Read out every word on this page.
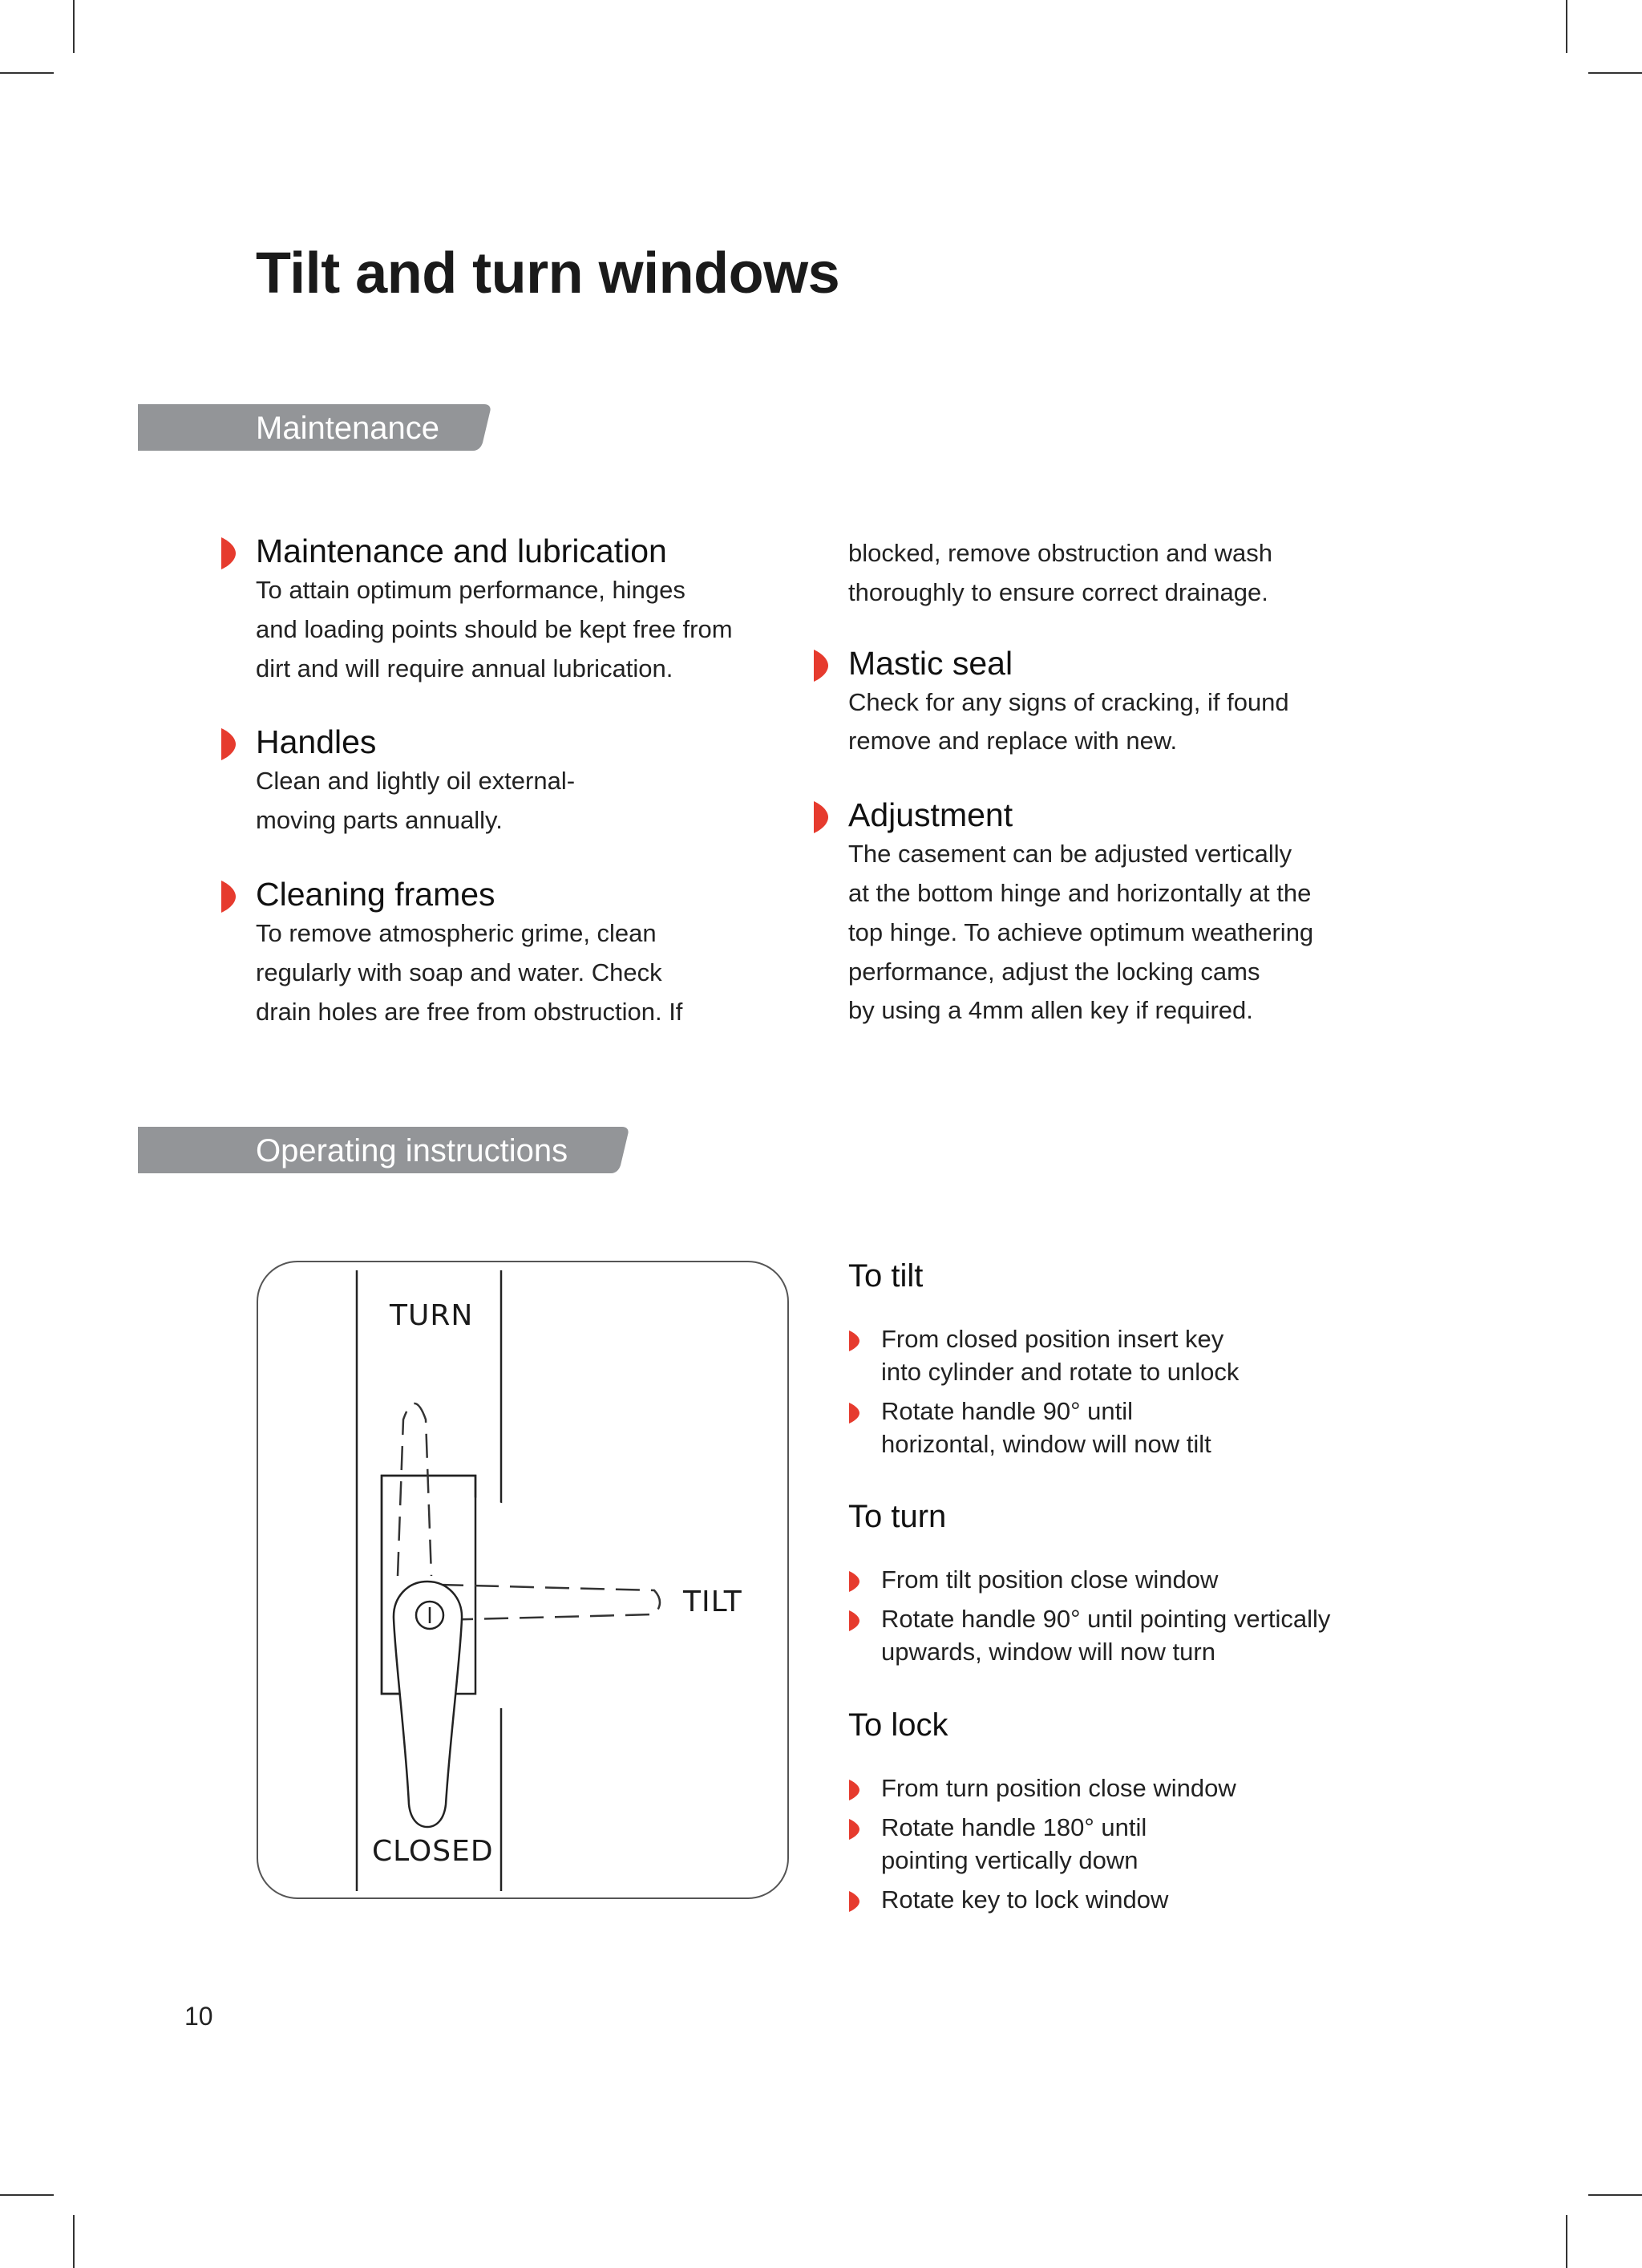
Tilt and turn windows
Maintenance
Maintenance and lubrication

To attain optimum performance, hinges
and loading points should be kept free from
dirt and will require annual lubrication.

Handles

Clean and lightly oil external-
moving parts annually.

Cleaning frames

To remove atmospheric grime, clean
regularly with soap and water. Check
drain holes are free from obstruction. If

blocked, remove obstruction and wash
thoroughly to ensure correct drainage.

Mastic seal

Check for any signs of cracking, if found
remove and replace with new.

Adjustment

The casement can be adjusted vertically
at the bottom hinge and horizontally at the
top hinge. To achieve optimum weathering
performance, adjust the locking cams
by using a 4mm allen key if required.

Operating instructions
TURN
TILT
CLOSED
To tilt
From closed position insert key
into cylinder and rotate to unlock
Rotate handle 90° until
horizontal, window will now tilt
To turn
From tilt position close window
Rotate handle 90° until pointing vertically
upwards, window will now turn
To lock
From turn position close window
Rotate handle 180° until
pointing vertically down
Rotate key to lock window
10
